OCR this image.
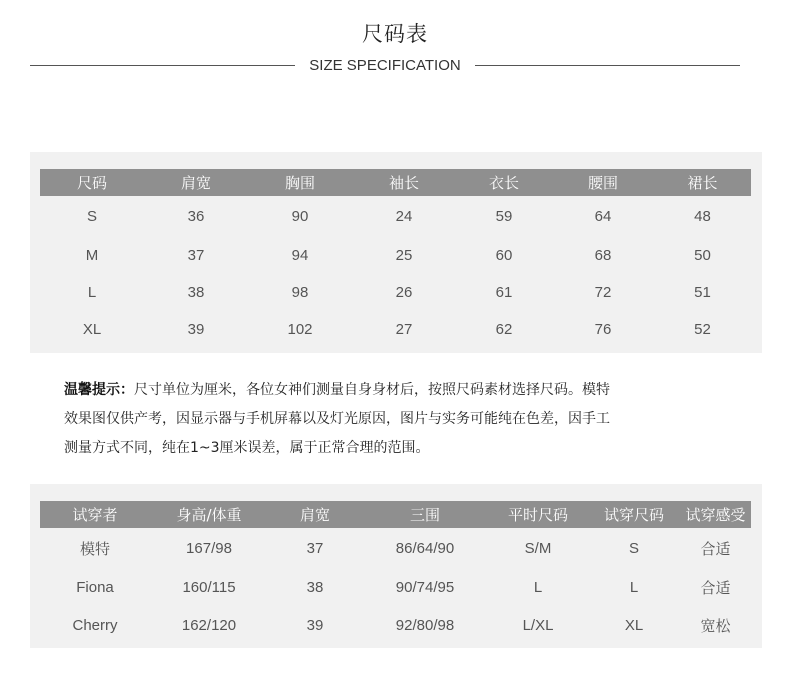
尺码表
SIZE SPECIFICATION
尺码	肩宽	胸围	袖长	衣长	腰围	裙长
S	36	90	24	59	64	48
M	37	94	25	60	68	50
L	38	98	26	61	72	51
XL	39	102	27	62	76	52
温馨提示：尺寸单位为厘米，各位女神们测量自身身材后，按照尺码素材选择尺码。模特
效果图仅供产考，因显示器与手机屏幕以及灯光原因，图片与实务可能纯在色差，因手工
测量方式不同，纯在1~3厘米误差，属于正常合理的范围。
试穿者	身高/体重	肩宽	三围	平时尺码	试穿尺码	试穿感受
模特	167/98	37	86/64/90	S/M	S	合适
Fiona	160/115	38	90/74/95	L	L	合适
Cherry	162/120	39	92/80/98	L/XL	XL	宽松
